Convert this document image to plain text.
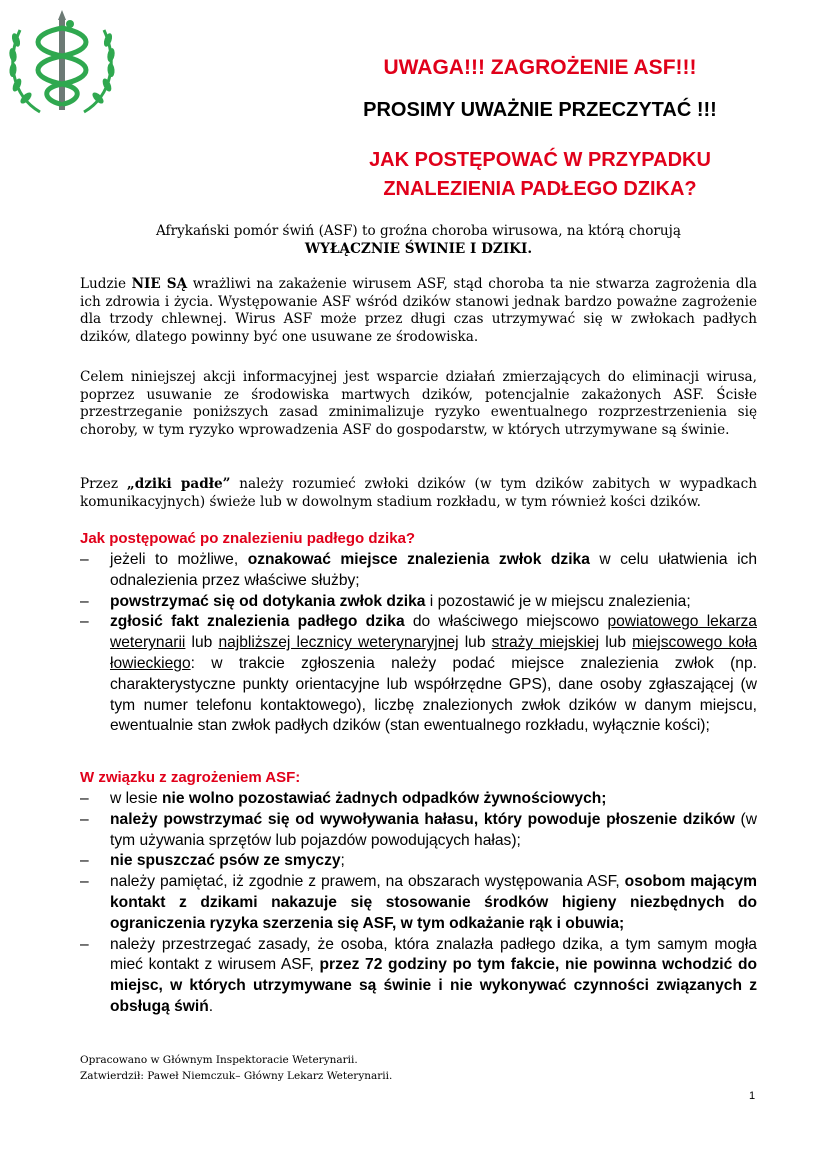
UWAGA!!! ZAGROŻENIE ASF!!!

PROSIMY UWAŻNIE PRZECZYTAĆ !!!

JAK POSTĘPOWAĆ W PRZYPADKU
ZNALEZIENIA PADŁEGO DZIKA?

Afrykański pomór świń (ASF) to groźna choroba wirusowa, na którą chorują
WYŁĄCZNIE ŚWINIE I DZIKI.

Ludzie NIE SĄ wrażliwi na zakażenie wirusem ASF, stąd choroba ta nie stwarza zagrożenia dla ich zdrowia i życia. Występowanie ASF wśród dzików stanowi jednak bardzo poważne zagrożenie dla trzody chlewnej. Wirus ASF może przez długi czas utrzymywać się w zwłokach padłych dzików, dlatego powinny być one usuwane ze środowiska.

Celem niniejszej akcji informacyjnej jest wsparcie działań zmierzających do eliminacji wirusa, poprzez usuwanie ze środowiska martwych dzików, potencjalnie zakażonych ASF. Ścisłe przestrzeganie poniższych zasad zminimalizuje ryzyko ewentualnego rozprzestrzenienia się choroby, w tym ryzyko wprowadzenia ASF do gospodarstw, w których utrzymywane są świnie.

Przez „dziki padłe” należy rozumieć zwłoki dzików (w tym dzików zabitych w wypadkach komunikacyjnych) świeże lub w dowolnym stadium rozkładu, w tym również kości dzików.

Jak postępować po znalezieniu padłego dzika?

– jeżeli to możliwe, oznakować miejsce znalezienia zwłok dzika w celu ułatwienia ich odnalezienia przez właściwe służby;
– powstrzymać się od dotykania zwłok dzika i pozostawić je w miejscu znalezienia;
– zgłosić fakt znalezienia padłego dzika do właściwego miejscowo powiatowego lekarza weterynarii lub najbliższej lecznicy weterynaryjnej lub straży miejskiej lub miejscowego koła łowieckiego: w trakcie zgłoszenia należy podać miejsce znalezienia zwłok (np. charakterystyczne punkty orientacyjne lub współrzędne GPS), dane osoby zgłaszającej (w tym numer telefonu kontaktowego), liczbę znalezionych zwłok dzików w danym miejscu, ewentualnie stan zwłok padłych dzików (stan ewentualnego rozkładu, wyłącznie kości);

W związku z zagrożeniem ASF:

– w lesie nie wolno pozostawiać żadnych odpadków żywnościowych;
– należy powstrzymać się od wywoływania hałasu, który powoduje płoszenie dzików (w tym używania sprzętów lub pojazdów powodujących hałas);
– nie spuszczać psów ze smyczy;
– należy pamiętać, iż zgodnie z prawem, na obszarach występowania ASF, osobom mającym kontakt z dzikami nakazuje się stosowanie środków higieny niezbędnych do ograniczenia ryzyka szerzenia się ASF, w tym odkażanie rąk i obuwia;
– należy przestrzegać zasady, że osoba, która znalazła padłego dzika, a tym samym mogła mieć kontakt z wirusem ASF, przez 72 godziny po tym fakcie, nie powinna wchodzić do miejsc, w których utrzymywane są świnie i nie wykonywać czynności związanych z obsługą świń.

Opracowano w Głównym Inspektoracie Weterynarii.
Zatwierdził: Paweł Niemczuk– Główny Lekarz Weterynarii.

1
